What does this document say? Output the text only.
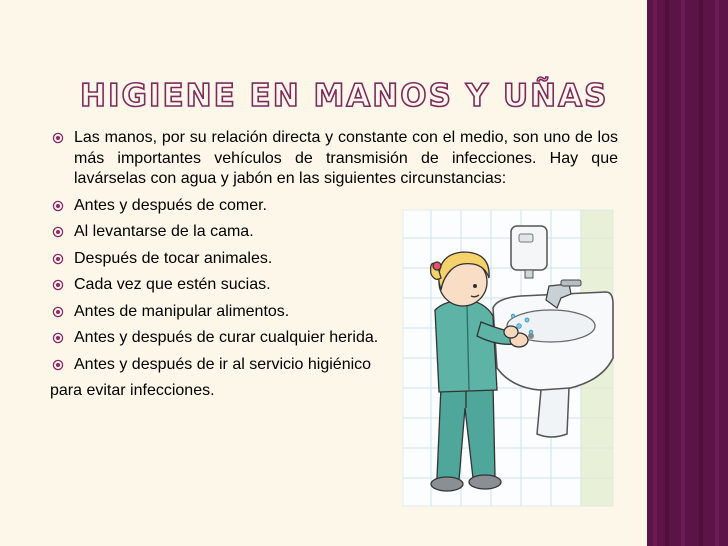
HIGIENE EN MANOS Y UÑAS
Las manos, por su relación directa y constante con el medio, son uno de los más importantes vehículos de transmisión de infecciones. Hay que lavárselas con agua y jabón en las siguientes circunstancias:
Antes y después de comer.
Al levantarse de la cama.
Después de tocar animales.
Cada vez que estén sucias.
Antes de manipular alimentos.
Antes y después de curar cualquier herida.
Antes y después de ir al servicio higiénico
para evitar infecciones.
